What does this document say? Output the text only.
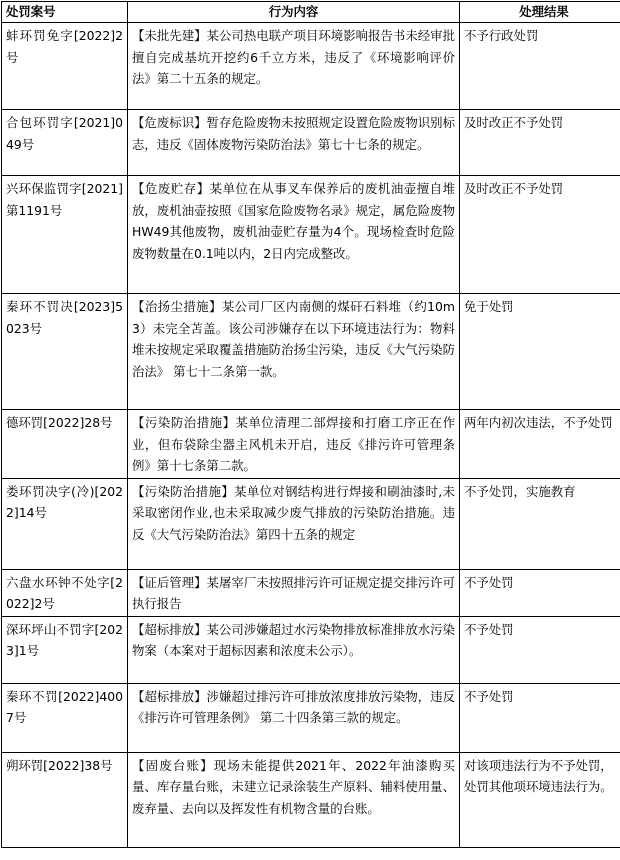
处罚案号	行为内容	处理结果
蚌环罚免字[2022]2号	【未批先建】某公司热电联产项目环境影响报告书未经审批擅自完成基坑开挖约6千立方米，违反了《环境影响评价法》第二十五条的规定。	不予行政处罚
合包环罚字[2021]049号	【危废标识】暂存危险废物未按照规定设置危险废物识别标志，违反《固体废物污染防治法》第七十七条的规定。	及时改正不予处罚
兴环保监罚字[2021]第1191号	【危废贮存】某单位在从事叉车保养后的废机油壶擅自堆放，废机油壶按照《国家危险废物名录》规定，属危险废物HW49其他废物，废机油壶贮存量为4个。现场检查时危险废物数量在0.1吨以内，2日内完成整改。	及时改正不予处罚
秦环不罚决[2023]5023号	【治扬尘措施】某公司厂区内南侧的煤矸石料堆（约10m3）未完全苫盖。该公司涉嫌存在以下环境违法行为：物料堆未按规定采取覆盖措施防治扬尘污染，违反《大气污染防治法》 第七十二条第一款。	免于处罚
德环罚[2022]28号	【污染防治措施】某单位清理二部焊接和打磨工序正在作业，但布袋除尘器主风机未开启，违反《排污许可管理条例》第十七条第二款。	两年内初次违法，不予处罚
娄环罚决字(冷)[2022]14号	【污染防治措施】某单位对钢结构进行焊接和刷油漆时,未采取密闭作业,也未采取减少废气排放的污染防治措施。违反《大气污染防治法》第四十五条的规定	不予处罚，实施教育
六盘水环钟不处字[2022]2号	【证后管理】某屠宰厂未按照排污许可证规定提交排污许可执行报告	不予处罚
深环坪山不罚字[2023]1号	【超标排放】某公司涉嫌超过水污染物排放标准排放水污染物案（本案对于超标因素和浓度未公示）。	不予处罚
秦环不罚[2022]4007号	【超标排放】涉嫌超过排污许可排放浓度排放污染物，违反《排污许可管理条例》 第二十四条第三款的规定。	不予处罚
朔环罚[2022]38号	【固废台账】现场未能提供2021年、2022年油漆购买量、库存量台账，未建立记录涂装生产原料、辅料使用量、废弃量、去向以及挥发性有机物含量的台账。	对该项违法行为不予处罚，处罚其他项环境违法行为。
